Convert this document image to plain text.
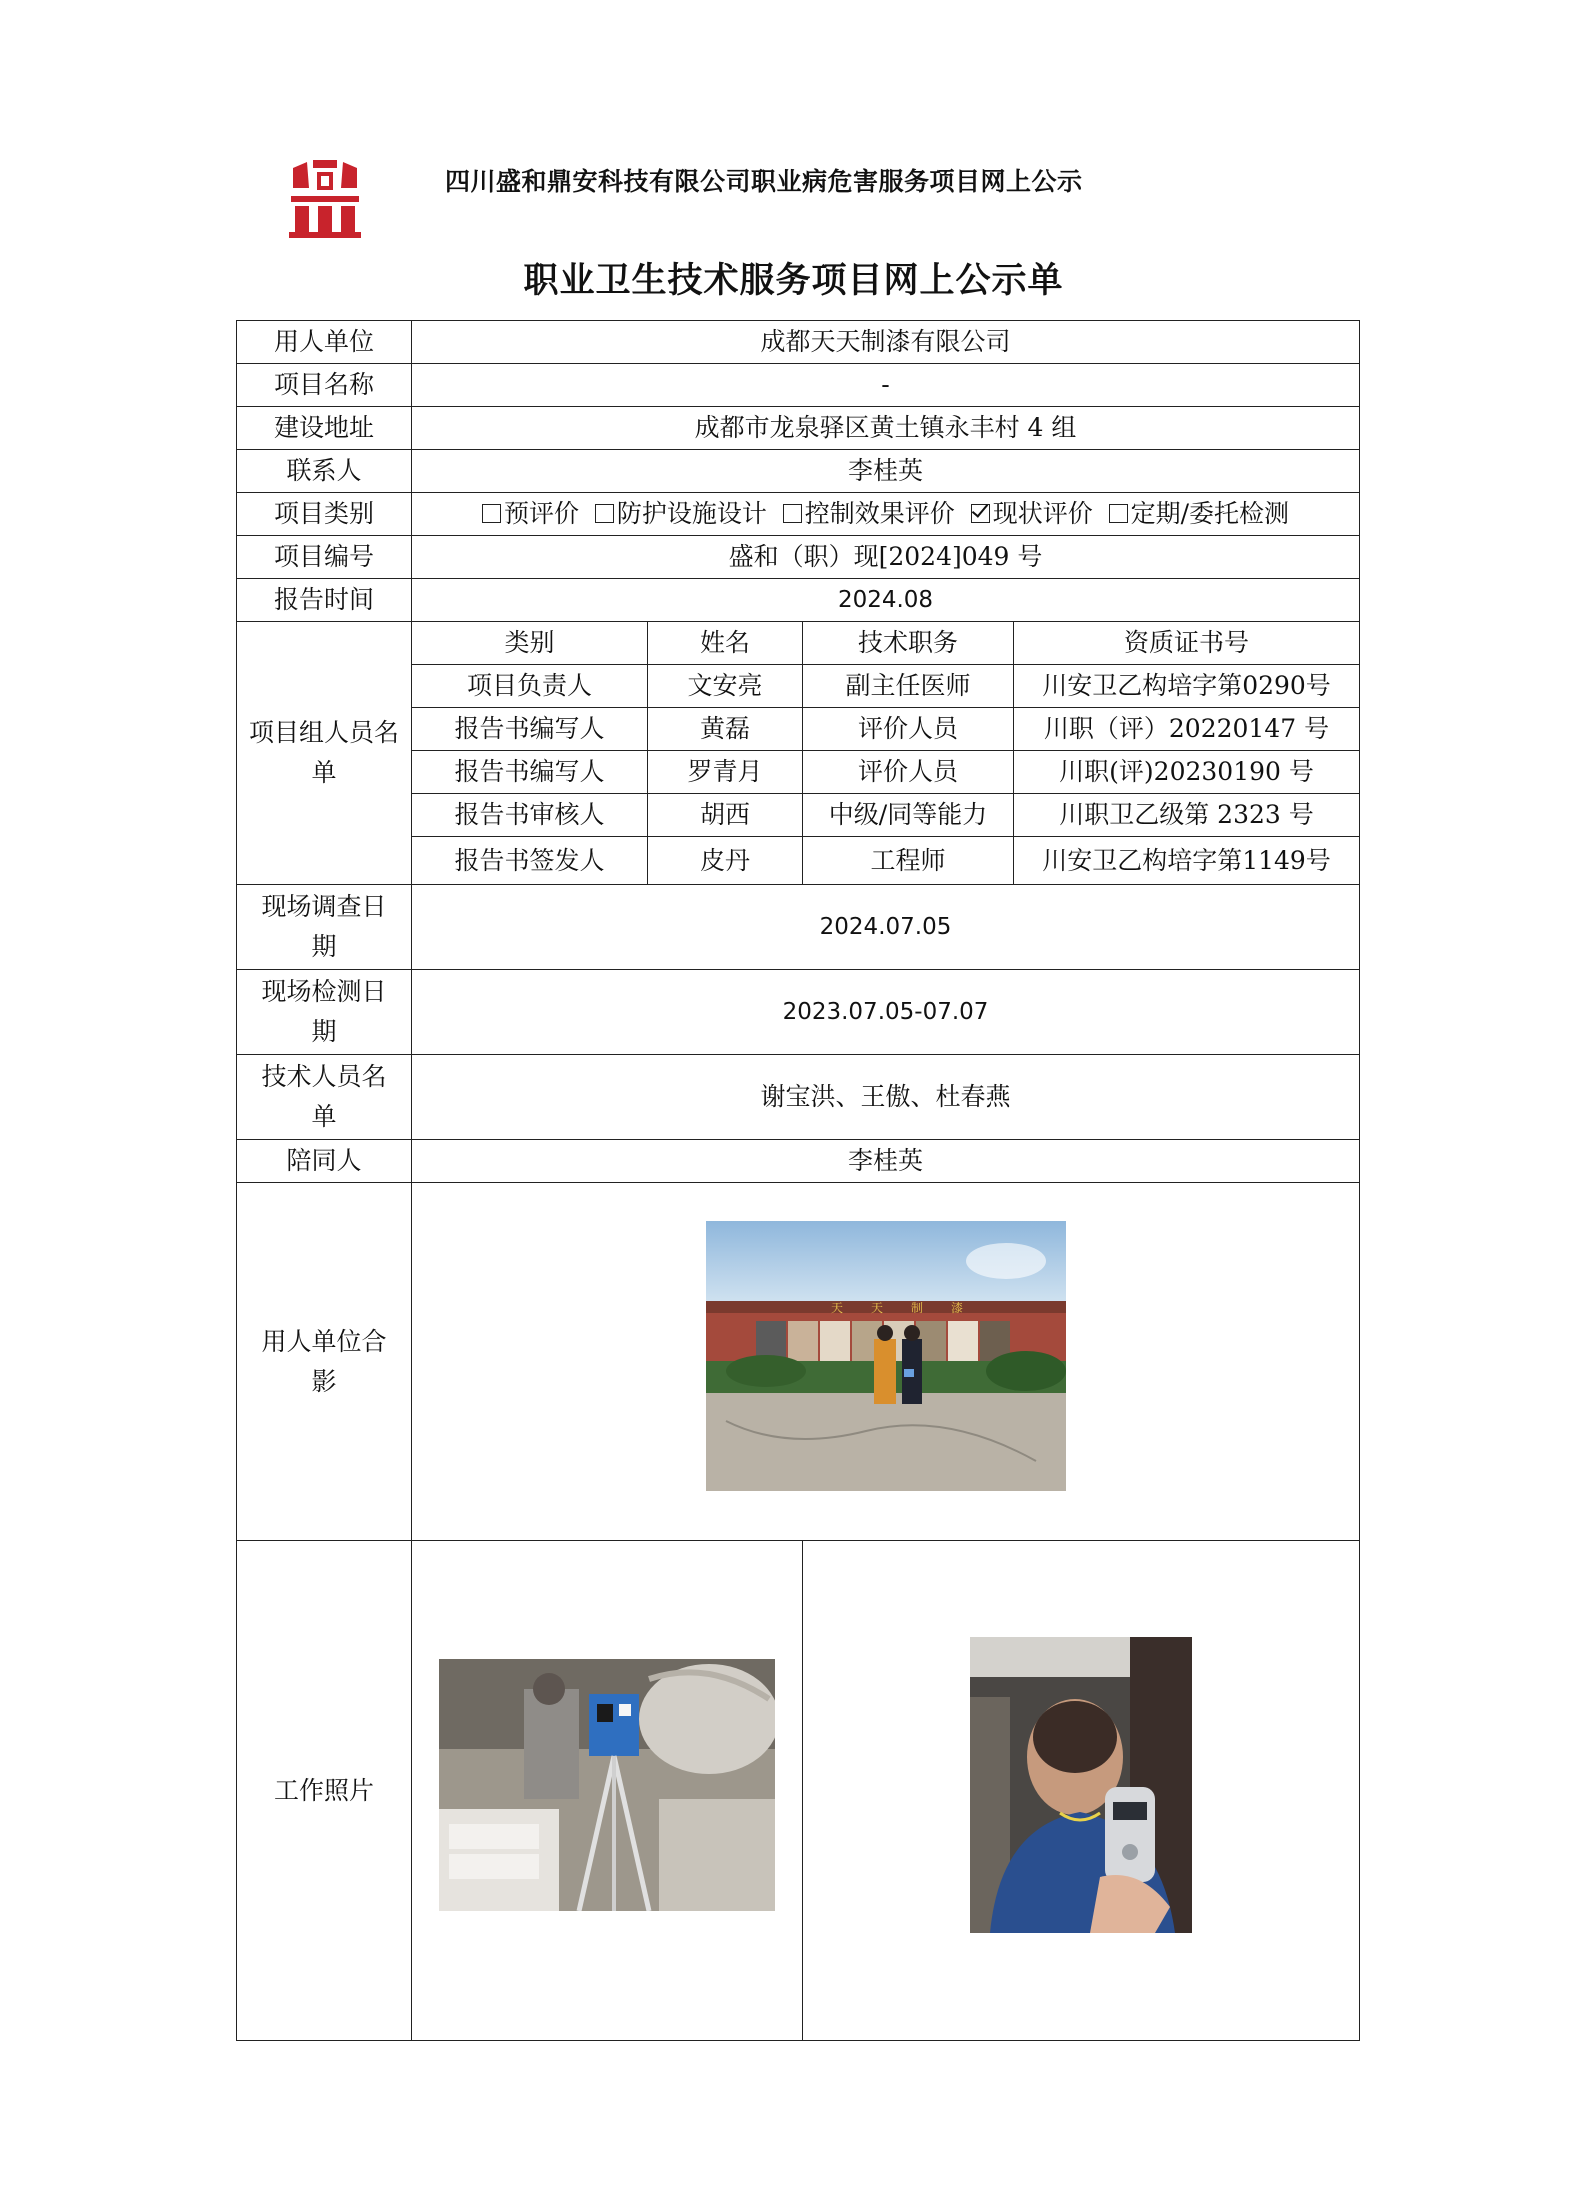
四川盛和鼎安科技有限公司职业病危害服务项目网上公示
职业卫生技术服务项目网上公示单
用人单位	成都天天制漆有限公司			
项目名称	-			
建设地址	成都市龙泉驿区黄土镇永丰村 4 组			
联系人	李桂英			
项目类别	预评价 防护设施设计 控制效果评价 现状评价 定期/委托检测			
项目编号	盛和（职）现[2024]049 号			
报告时间	2024.08			
项目组人员名单	类别	姓名	技术职务	资质证书号
	项目负责人	文安亮	副主任医师	川安卫乙构培字第0290号
	报告书编写人	黄磊	评价人员	川职（评）20220147 号
	报告书编写人	罗青月	评价人员	川职(评)20230190 号
	报告书审核人	胡西	中级/同等能力	川职卫乙级第 2323 号
	报告书签发人	皮丹	工程师	川安卫乙构培字第1149号
现场调查日期	2024.07.05			
现场检测日期	2023.07.05-07.07			
技术人员名单	谢宝洪、王傲、杜春燕			
陪同人	李桂英			
用人单位合影	天天制漆			

工作照片		
